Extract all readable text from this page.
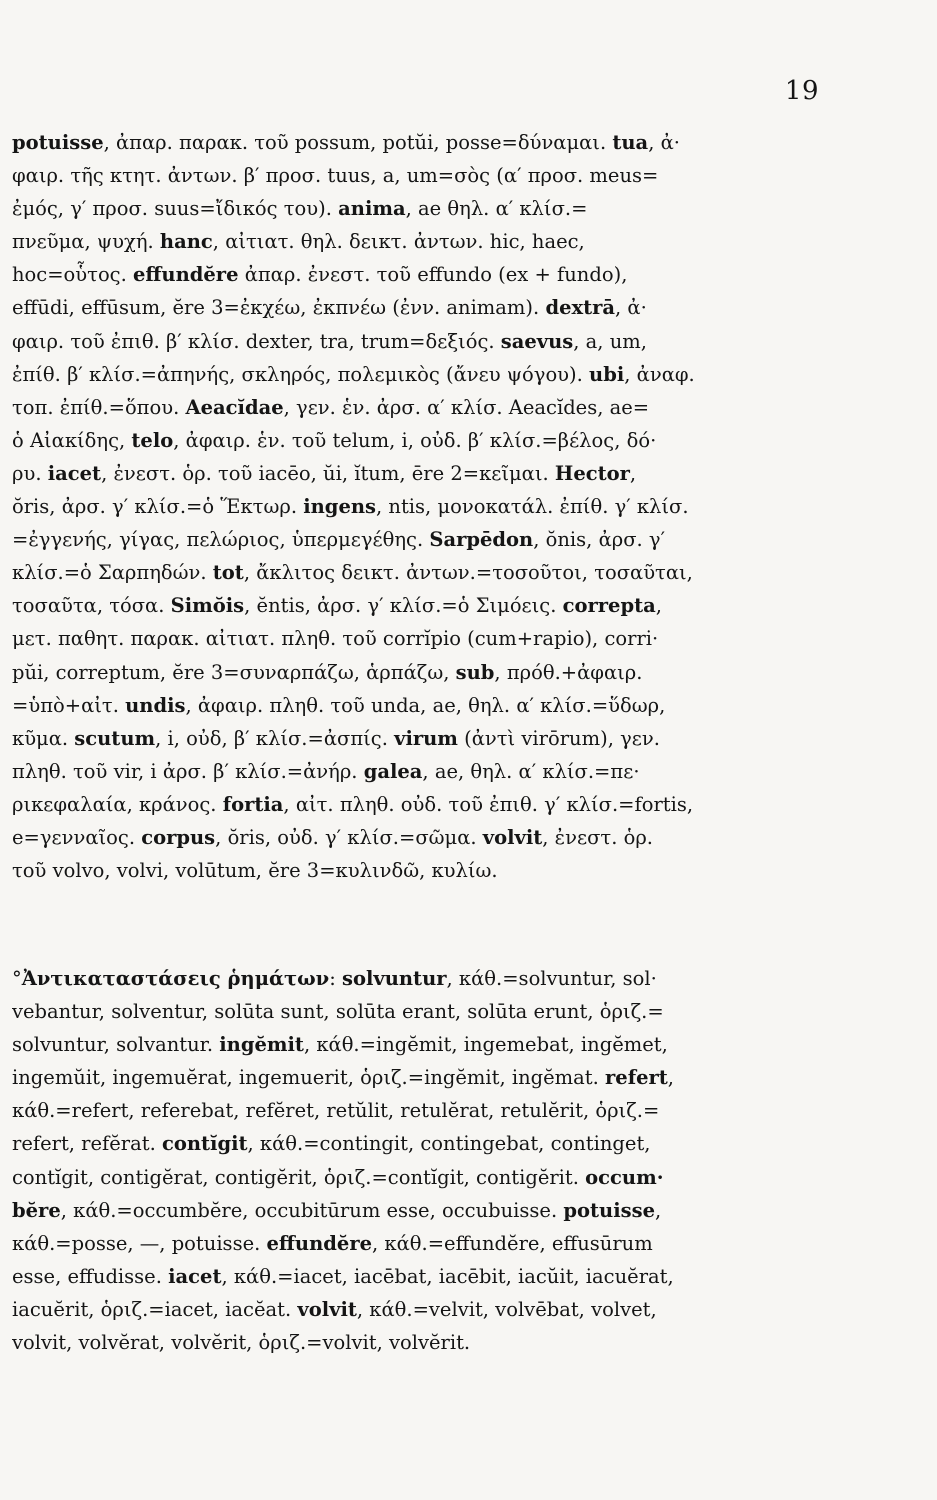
19
potuisse, ἀπαρ. παρακ. τοῦ possum, potŭi, posse=δύναμαι. tua, ἀ·
φαιρ. τῆς κτητ. ἀντων. β′ προσ. tuus, a, um=σὸς (α′ προσ. meus=
ἐμός, γ′ προσ. suus=ἴδικός του). anima, ae θηλ. α′ κλίσ.=
πνεῦμα, ψυχή. hanc, αἰτιατ. θηλ. δεικτ. ἀντων. hic, haec,
hoc=οὗτος. effundĕre ἀπαρ. ἐνεστ. τοῦ effundo (ex + fundo),
effūdi, effūsum, ĕre 3=ἐκχέω, ἐκπνέω (ἐνν. animam). dextrā, ἀ·
φαιρ. τοῦ ἐπιθ. β′ κλίσ. dexter, tra, trum=δεξιός. saevus, a, um,
ἐπίθ. β′ κλίσ.=ἀπηνής, σκληρός, πολεμικὸς (ἄνευ ψόγου). ubi, ἀναφ.
τοπ. ἐπίθ.=ὅπου. Aeacĭdae, γεν. ἑν. ἀρσ. α′ κλίσ. Aeacĭdes, ae=
ὁ Αἰακίδης, telo, ἀφαιρ. ἑν. τοῦ telum, i, οὐδ. β′ κλίσ.=βέλος, δό·
ρυ. iacet, ἐνεστ. ὁρ. τοῦ iacēo, ŭi, ĭtum, ēre 2=κεῖμαι. Hector,
ŏris, ἀρσ. γ′ κλίσ.=ὁ Ἕκτωρ. ingens, ntis, μονοκατάλ. ἐπίθ. γ′ κλίσ.
=ἐγγενής, γίγας, πελώριος, ὑπερμεγέθης. Sarpēdon, ŏnis, ἀρσ. γ′
κλίσ.=ὁ Σαρπηδών. tot, ἄκλιτος δεικτ. ἀντων.=τοσοῦτοι, τοσαῦται,
τοσαῦτα, τόσα. Simŏis, ĕntis, ἀρσ. γ′ κλίσ.=ὁ Σιμόεις. correpta,
μετ. παθητ. παρακ. αἰτιατ. πληθ. τοῦ corrĭpio (cum+rapio), corri·
pŭi, correptum, ĕre 3=συναρπάζω, ἁρπάζω, sub, πρόθ.+ἀφαιρ.
=ὑπὸ+αἰτ. undis, ἀφαιρ. πληθ. τοῦ unda, ae, θηλ. α′ κλίσ.=ὕδωρ,
κῦμα. scutum, i, οὐδ, β′ κλίσ.=ἀσπίς. virum (ἀντὶ virōrum), γεν.
πληθ. τοῦ vir, i ἀρσ. β′ κλίσ.=ἀνήρ. galea, ae, θηλ. α′ κλίσ.=πε·
ρικεφαλαία, κράνος. fortia, αἰτ. πληθ. οὐδ. τοῦ ἐπιθ. γ′ κλίσ.=fortis,
e=γενναῖος. corpus, ŏris, οὐδ. γ′ κλίσ.=σῶμα. volvit, ἐνεστ. ὁρ.
τοῦ volvo, volvi, volūtum, ĕre 3=κυλινδῶ, κυλίω.
°Ἀντικαταστάσεις ῥημάτων: solvuntur, κάθ.=solvuntur, sol·
vebantur, solventur, solūta sunt, solūta erant, solūta erunt, ὁριζ.=
solvuntur, solvantur. ingĕmit, κάθ.=ingĕmit, ingemebat, ingĕmet,
ingemŭit, ingemuĕrat, ingemuerit, ὁριζ.=ingĕmit, ingĕmat. refert,
κάθ.=refert, referebat, refĕret, retŭlit, retulĕrat, retulĕrit, ὁριζ.=
refert, refĕrat. contĭgit, κάθ.=contingit, contingebat, continget,
contĭgit, contigĕrat, contigĕrit, ὁριζ.=contĭgit, contigĕrit. occum·
bĕre, κάθ.=occumbĕre, occubitūrum esse, occubuisse. potuisse,
κάθ.=posse, —, potuisse. effundĕre, κάθ.=effundĕre, effusūrum
esse, effudisse. iacet, κάθ.=iacet, iacēbat, iacēbit, iacŭit, iacuĕrat,
iacuĕrit, ὁριζ.=iacet, iacĕat. volvit, κάθ.=velvit, volvēbat, volvet,
volvit, volvĕrat, volvĕrit, ὁριζ.=volvit, volvĕrit.
